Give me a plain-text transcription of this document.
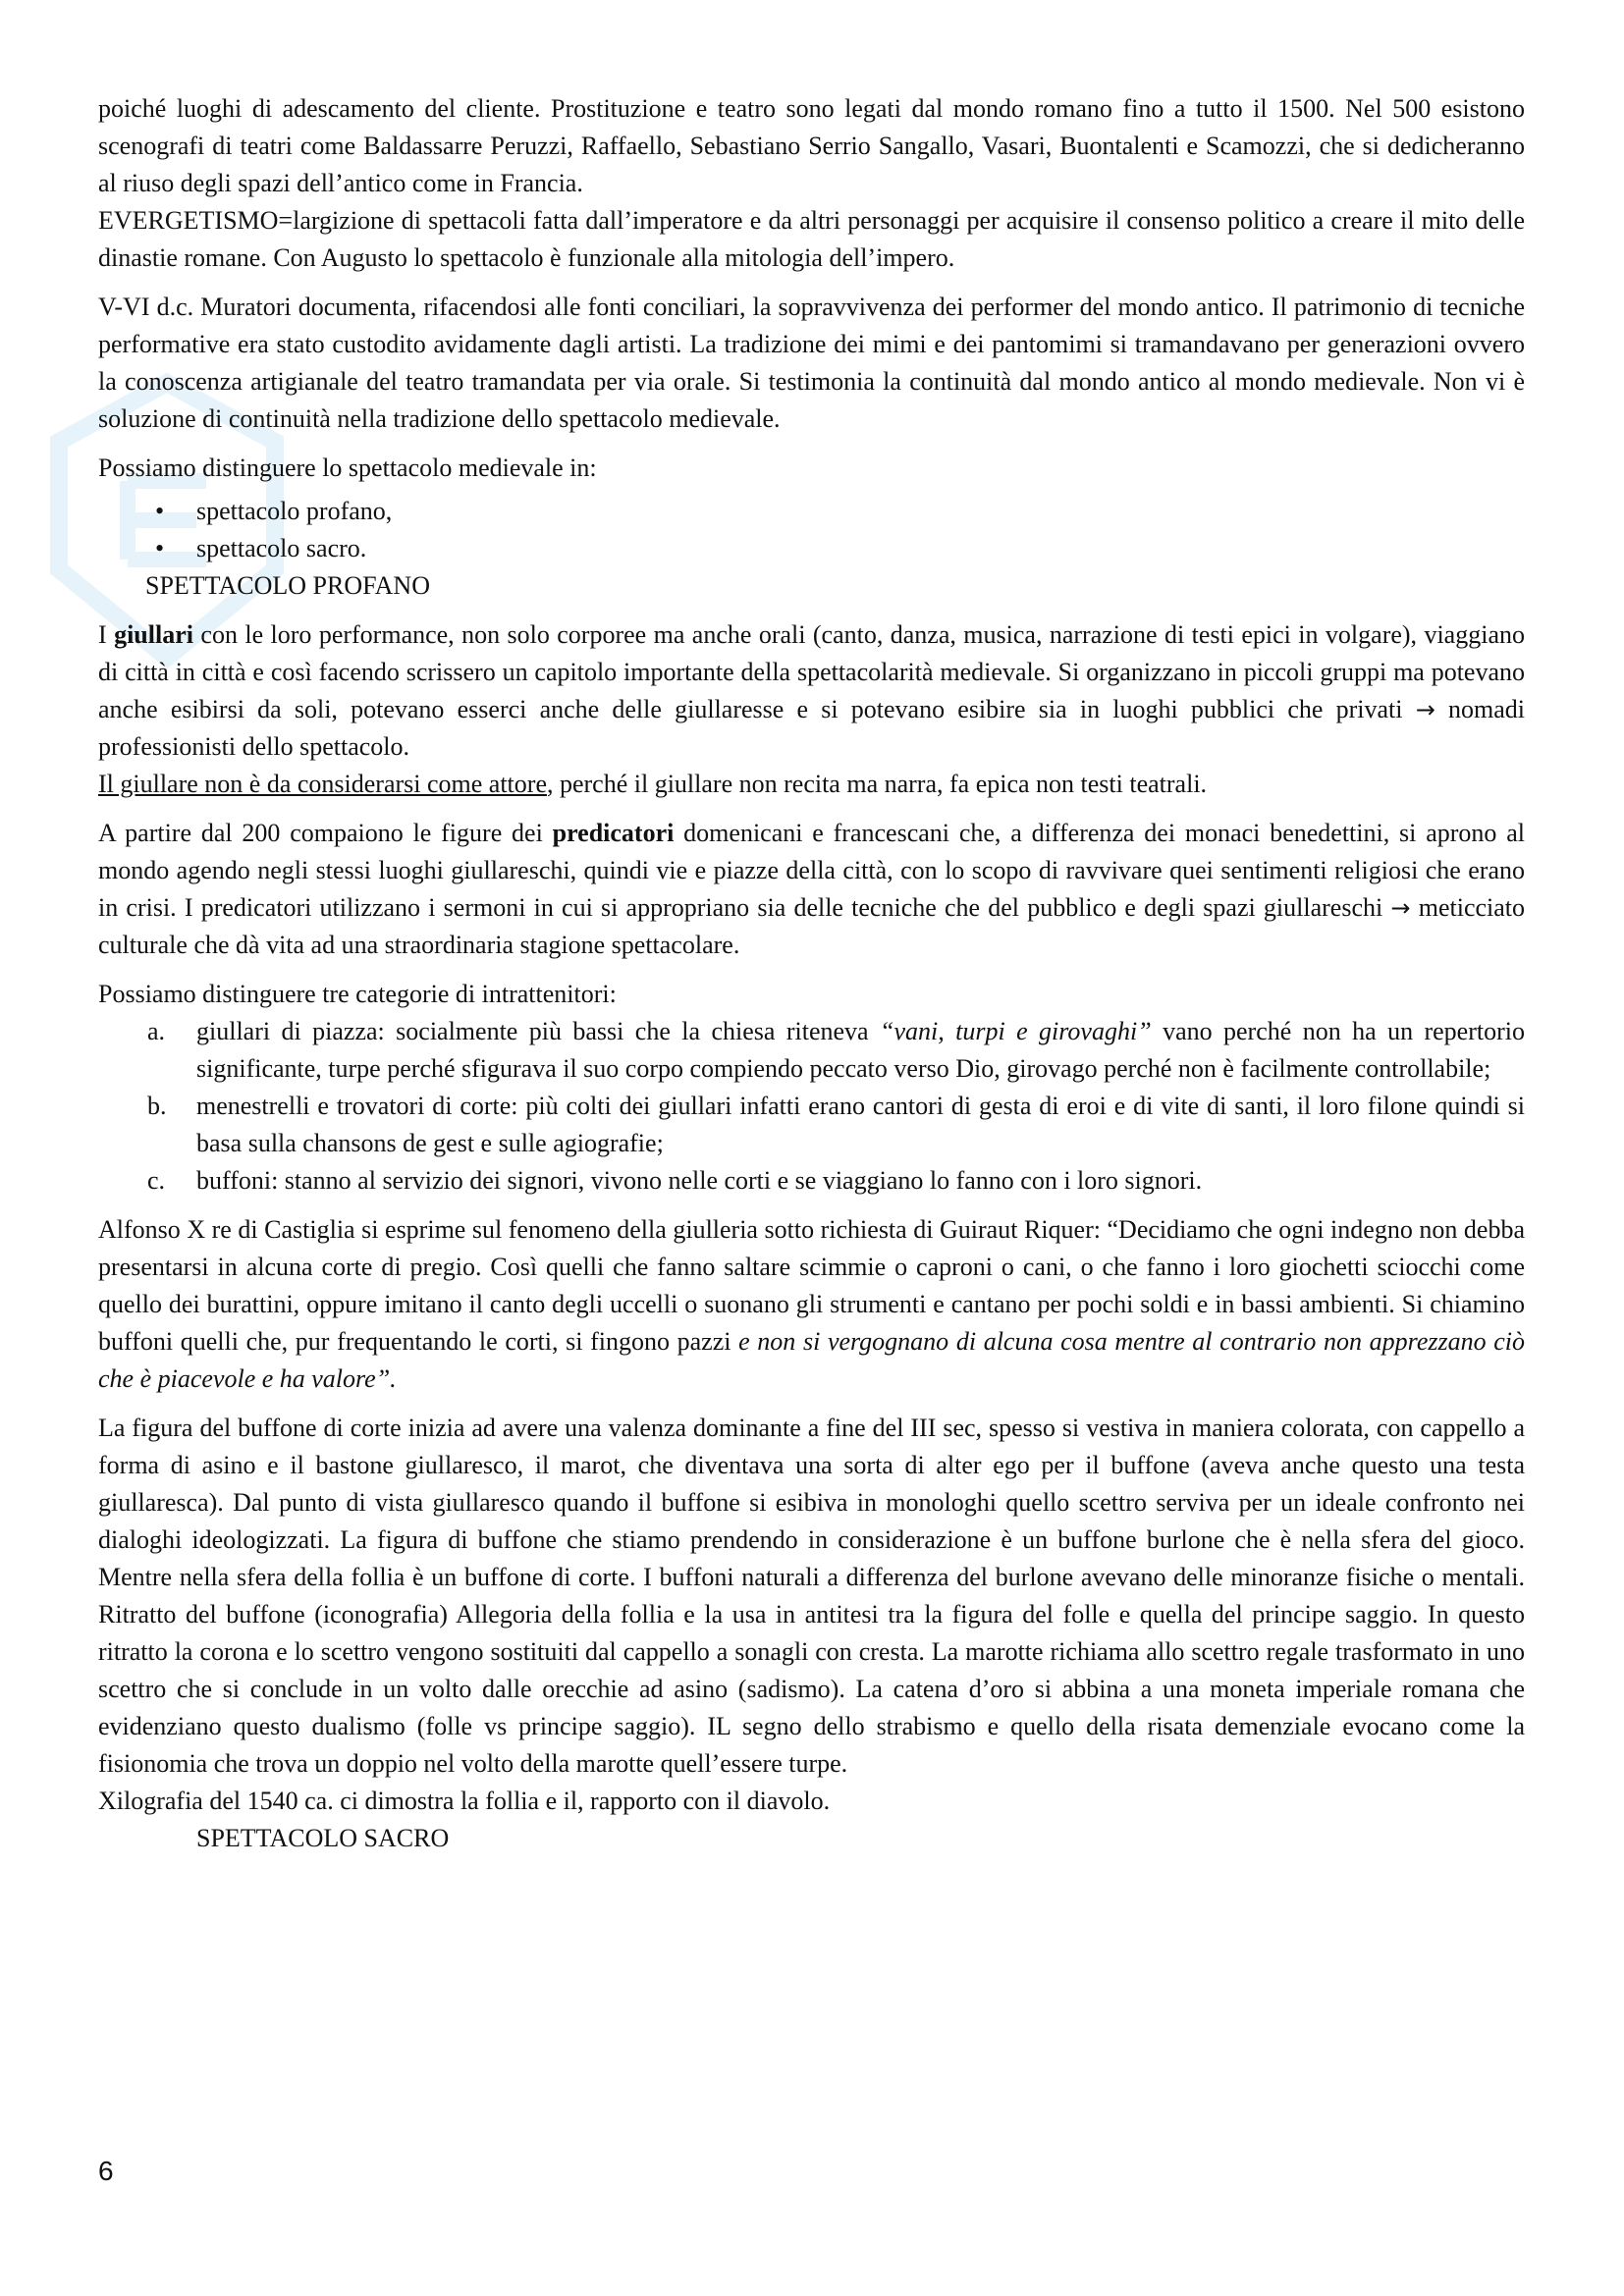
poiché luoghi di adescamento del cliente. Prostituzione e teatro sono legati dal mondo romano fino a tutto il 1500. Nel 500 esistono scenografi di teatri come Baldassarre Peruzzi, Raffaello, Sebastiano Serrio Sangallo, Vasari, Buontalenti e Scamozzi, che si dedicheranno al riuso degli spazi dell’antico come in Francia.

EVERGETISMO=largizione di spettacoli fatta dall’imperatore e da altri personaggi per acquisire il consenso politico a creare il mito delle dinastie romane. Con Augusto lo spettacolo è funzionale alla mitologia dell’impero.

V-VI d.c. Muratori documenta, rifacendosi alle fonti conciliari, la sopravvivenza dei performer del mondo antico. Il patrimonio di tecniche performative era stato custodito avidamente dagli artisti. La tradizione dei mimi e dei pantomimi si tramandavano per generazioni ovvero la conoscenza artigianale del teatro tramandata per via orale. Si testimonia la continuità dal mondo antico al mondo medievale. Non vi è soluzione di continuità nella tradizione dello spettacolo medievale.

Possiamo distinguere lo spettacolo medievale in:

• spettacolo profano,
• spettacolo sacro.

SPETTACOLO PROFANO

I giullari con le loro performance, non solo corporee ma anche orali (canto, danza, musica, narrazione di testi epici in volgare), viaggiano di città in città e così facendo scrissero un capitolo importante della spettacolarità medievale. Si organizzano in piccoli gruppi ma potevano anche esibirsi da soli, potevano esserci anche delle giullaresse e si potevano esibire sia in luoghi pubblici che privati → nomadi professionisti dello spettacolo.

Il giullare non è da considerarsi come attore, perché il giullare non recita ma narra, fa epica non testi teatrali.

A partire dal 200 compaiono le figure dei predicatori domenicani e francescani che, a differenza dei monaci benedettini, si aprono al mondo agendo negli stessi luoghi giullareschi, quindi vie e piazze della città, con lo scopo di ravvivare quei sentimenti religiosi che erano in crisi. I predicatori utilizzano i sermoni in cui si appropriano sia delle tecniche che del pubblico e degli spazi giullareschi → meticciato culturale che dà vita ad una straordinaria stagione spettacolare.

Possiamo distinguere tre categorie di intrattenitori:

a. giullari di piazza: socialmente più bassi che la chiesa riteneva “vani, turpi e girovaghi” vano perché non ha un repertorio significante, turpe perché sfigurava il suo corpo compiendo peccato verso Dio, girovago perché non è facilmente controllabile;
b. menestrelli e trovatori di corte: più colti dei giullari infatti erano cantori di gesta di eroi e di vite di santi, il loro filone quindi si basa sulla chansons de gest e sulle agiografie;
c. buffoni: stanno al servizio dei signori, vivono nelle corti e se viaggiano lo fanno con i loro signori.

Alfonso X re di Castiglia si esprime sul fenomeno della giulleria sotto richiesta di Guiraut Riquer: “Decidiamo che ogni indegno non debba presentarsi in alcuna corte di pregio. Così quelli che fanno saltare scimmie o caproni o cani, o che fanno i loro giochetti sciocchi come quello dei burattini, oppure imitano il canto degli uccelli o suonano gli strumenti e cantano per pochi soldi e in bassi ambienti. Si chiamino buffoni quelli che, pur frequentando le corti, si fingono pazzi e non si vergognano di alcuna cosa mentre al contrario non apprezzano ciò che è piacevole e ha valore”.

La figura del buffone di corte inizia ad avere una valenza dominante a fine del III sec, spesso si vestiva in maniera colorata, con cappello a forma di asino e il bastone giullaresco, il marot, che diventava una sorta di alter ego per il buffone (aveva anche questo una testa giullaresca). Dal punto di vista giullaresco quando il buffone si esibiva in monologhi quello scettro serviva per un ideale confronto nei dialoghi ideologizzati. La figura di buffone che stiamo prendendo in considerazione è un buffone burlone che è nella sfera del gioco. Mentre nella sfera della follia è un buffone di corte. I buffoni naturali a differenza del burlone avevano delle minoranze fisiche o mentali. Ritratto del buffone (iconografia) Allegoria della follia e la usa in antitesi tra la figura del folle e quella del principe saggio. In questo ritratto la corona e lo scettro vengono sostituiti dal cappello a sonagli con cresta. La marotte richiama allo scettro regale trasformato in uno scettro che si conclude in un volto dalle orecchie ad asino (sadismo). La catena d’oro si abbina a una moneta imperiale romana che evidenziano questo dualismo (folle vs principe saggio). IL segno dello strabismo e quello della risata demenziale evocano come la fisionomia che trova un doppio nel volto della marotte quell’essere turpe.

Xilografia del 1540 ca. ci dimostra la follia e il, rapporto con il diavolo.

SPETTACOLO SACRO

6
